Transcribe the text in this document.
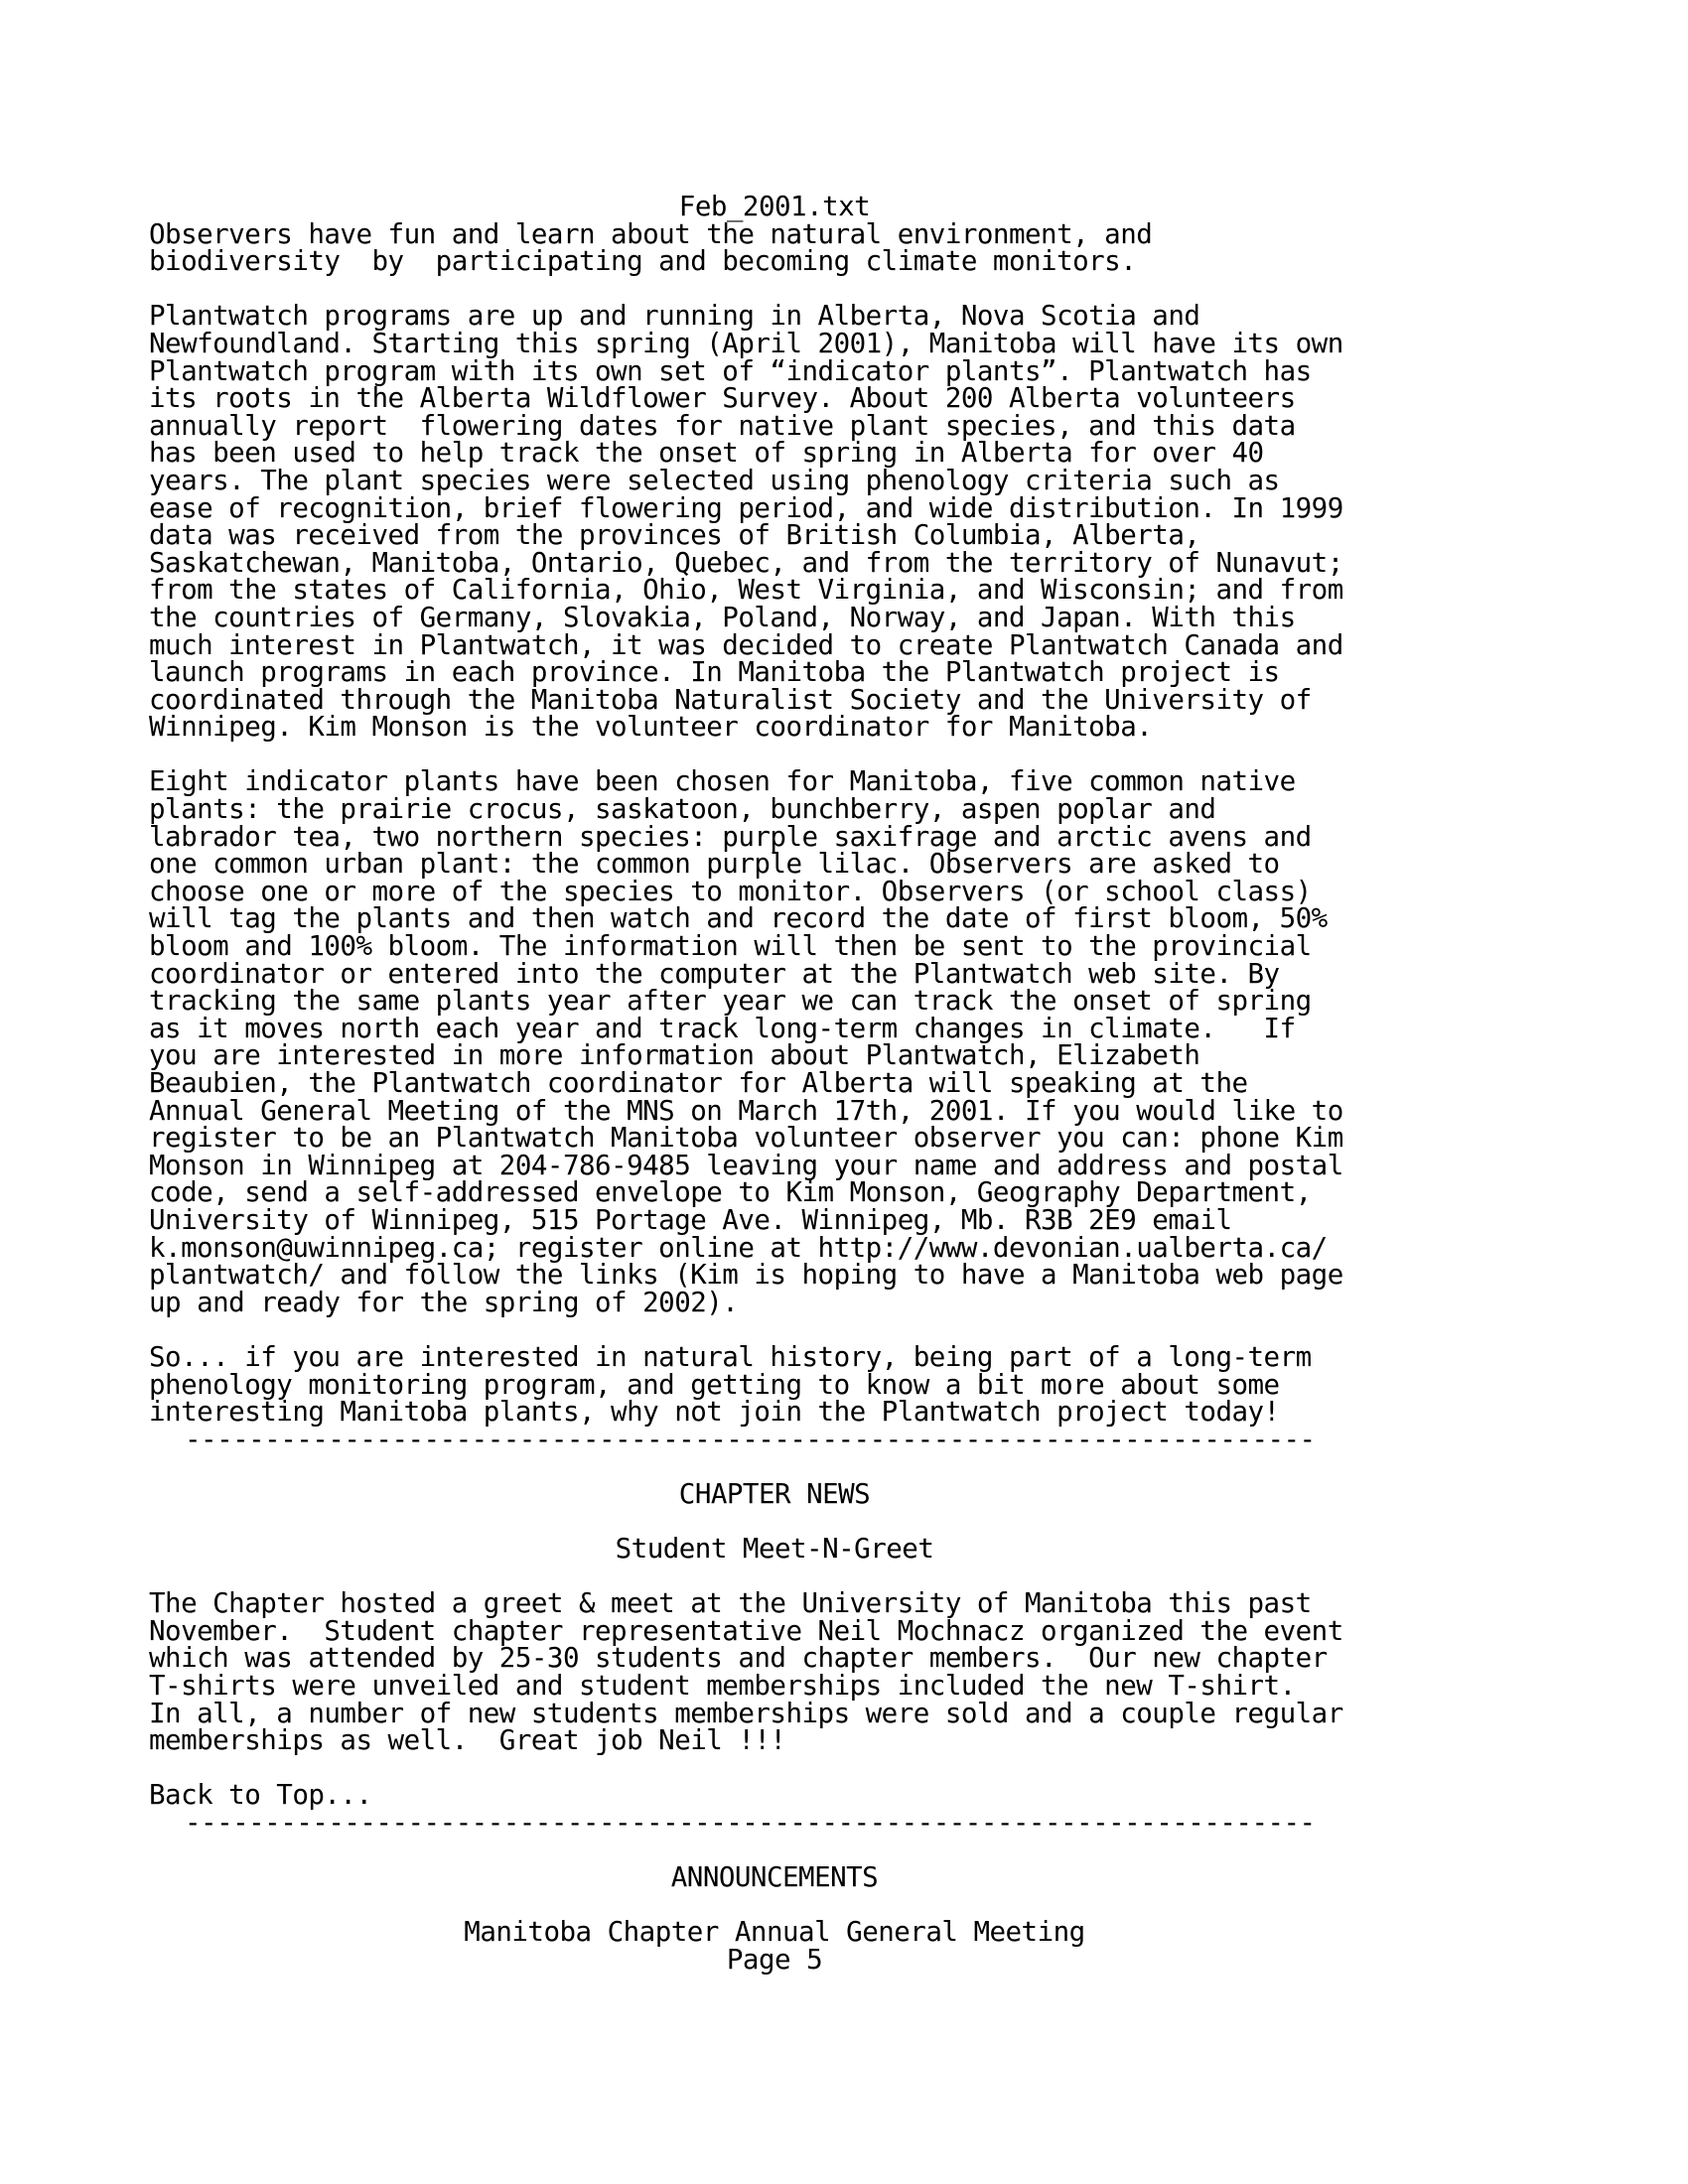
Feb_2001.txt
Observers have fun and learn about the natural environment, and
biodiversity  by  participating and becoming climate monitors.
Plantwatch programs are up and running in Alberta, Nova Scotia and
Newfoundland. Starting this spring (April 2001), Manitoba will have its own
Plantwatch program with its own set of “indicator plants”. Plantwatch has
its roots in the Alberta Wildflower Survey. About 200 Alberta volunteers
annually report  flowering dates for native plant species, and this data
has been used to help track the onset of spring in Alberta for over 40
years. The plant species were selected using phenology criteria such as
ease of recognition, brief flowering period, and wide distribution. In 1999
data was received from the provinces of British Columbia, Alberta,
Saskatchewan, Manitoba, Ontario, Quebec, and from the territory of Nunavut;
from the states of California, Ohio, West Virginia, and Wisconsin; and from
the countries of Germany, Slovakia, Poland, Norway, and Japan. With this
much interest in Plantwatch, it was decided to create Plantwatch Canada and
launch programs in each province. In Manitoba the Plantwatch project is
coordinated through the Manitoba Naturalist Society and the University of
Winnipeg. Kim Monson is the volunteer coordinator for Manitoba.
Eight indicator plants have been chosen for Manitoba, five common native
plants: the prairie crocus, saskatoon, bunchberry, aspen poplar and
labrador tea, two northern species: purple saxifrage and arctic avens and
one common urban plant: the common purple lilac. Observers are asked to
choose one or more of the species to monitor. Observers (or school class)
will tag the plants and then watch and record the date of first bloom, 50%
bloom and 100% bloom. The information will then be sent to the provincial
coordinator or entered into the computer at the Plantwatch web site. By
tracking the same plants year after year we can track the onset of spring
as it moves north each year and track long-term changes in climate.   If
you are interested in more information about Plantwatch, Elizabeth
Beaubien, the Plantwatch coordinator for Alberta will speaking at the
Annual General Meeting of the MNS on March 17th, 2001. If you would like to
register to be an Plantwatch Manitoba volunteer observer you can: phone Kim
Monson in Winnipeg at 204-786-9485 leaving your name and address and postal
code, send a self-addressed envelope to Kim Monson, Geography Department,
University of Winnipeg, 515 Portage Ave. Winnipeg, Mb. R3B 2E9 email
k.monson@uwinnipeg.ca; register online at http://www.devonian.ualberta.ca/
plantwatch/ and follow the links (Kim is hoping to have a Manitoba web page
up and ready for the spring of 2002).
So... if you are interested in natural history, being part of a long-term
phenology monitoring program, and getting to know a bit more about some
interesting Manitoba plants, why not join the Plantwatch project today!
-----------------------------------------------------------------------
CHAPTER NEWS
Student Meet-N-Greet
The Chapter hosted a greet & meet at the University of Manitoba this past
November.  Student chapter representative Neil Mochnacz organized the event
which was attended by 25-30 students and chapter members.  Our new chapter
T-shirts were unveiled and student memberships included the new T-shirt.
In all, a number of new students memberships were sold and a couple regular
memberships as well.  Great job Neil !!!
Back to Top...
-----------------------------------------------------------------------
ANNOUNCEMENTS
Manitoba Chapter Annual General Meeting
Page 5
